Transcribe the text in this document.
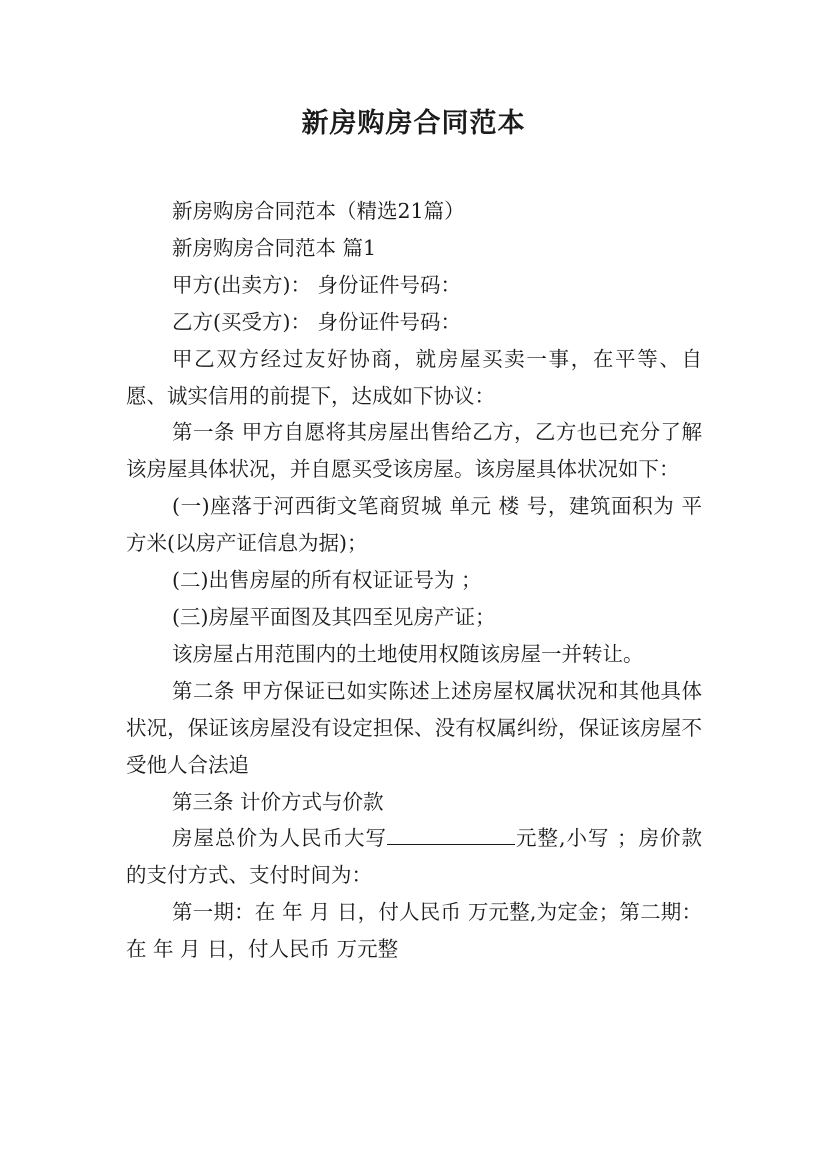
新房购房合同范本

新房购房合同范本（精选21篇）

新房购房合同范本 篇1

甲方(出卖方)： 身份证件号码：

乙方(买受方)： 身份证件号码：

甲乙双方经过友好协商，就房屋买卖一事，在平等、自愿、诚实信用的前提下，达成如下协议：

第一条 甲方自愿将其房屋出售给乙方，乙方也已充分了解该房屋具体状况，并自愿买受该房屋。该房屋具体状况如下：

(一)座落于河西街文笔商贸城 单元 楼 号，建筑面积为 平方米(以房产证信息为据)；

(二)出售房屋的所有权证证号为 ；

(三)房屋平面图及其四至见房产证；

该房屋占用范围内的土地使用权随该房屋一并转让。

第二条 甲方保证已如实陈述上述房屋权属状况和其他具体状况，保证该房屋没有设定担保、没有权属纠纷，保证该房屋不受他人合法追

第三条 计价方式与价款

房屋总价为人民币大写	元整,小写 ；房价款的支付方式、支付时间为：

第一期：在 年 月 日，付人民币 万元整,为定金；第二期：在 年 月 日，付人民币 万元整
